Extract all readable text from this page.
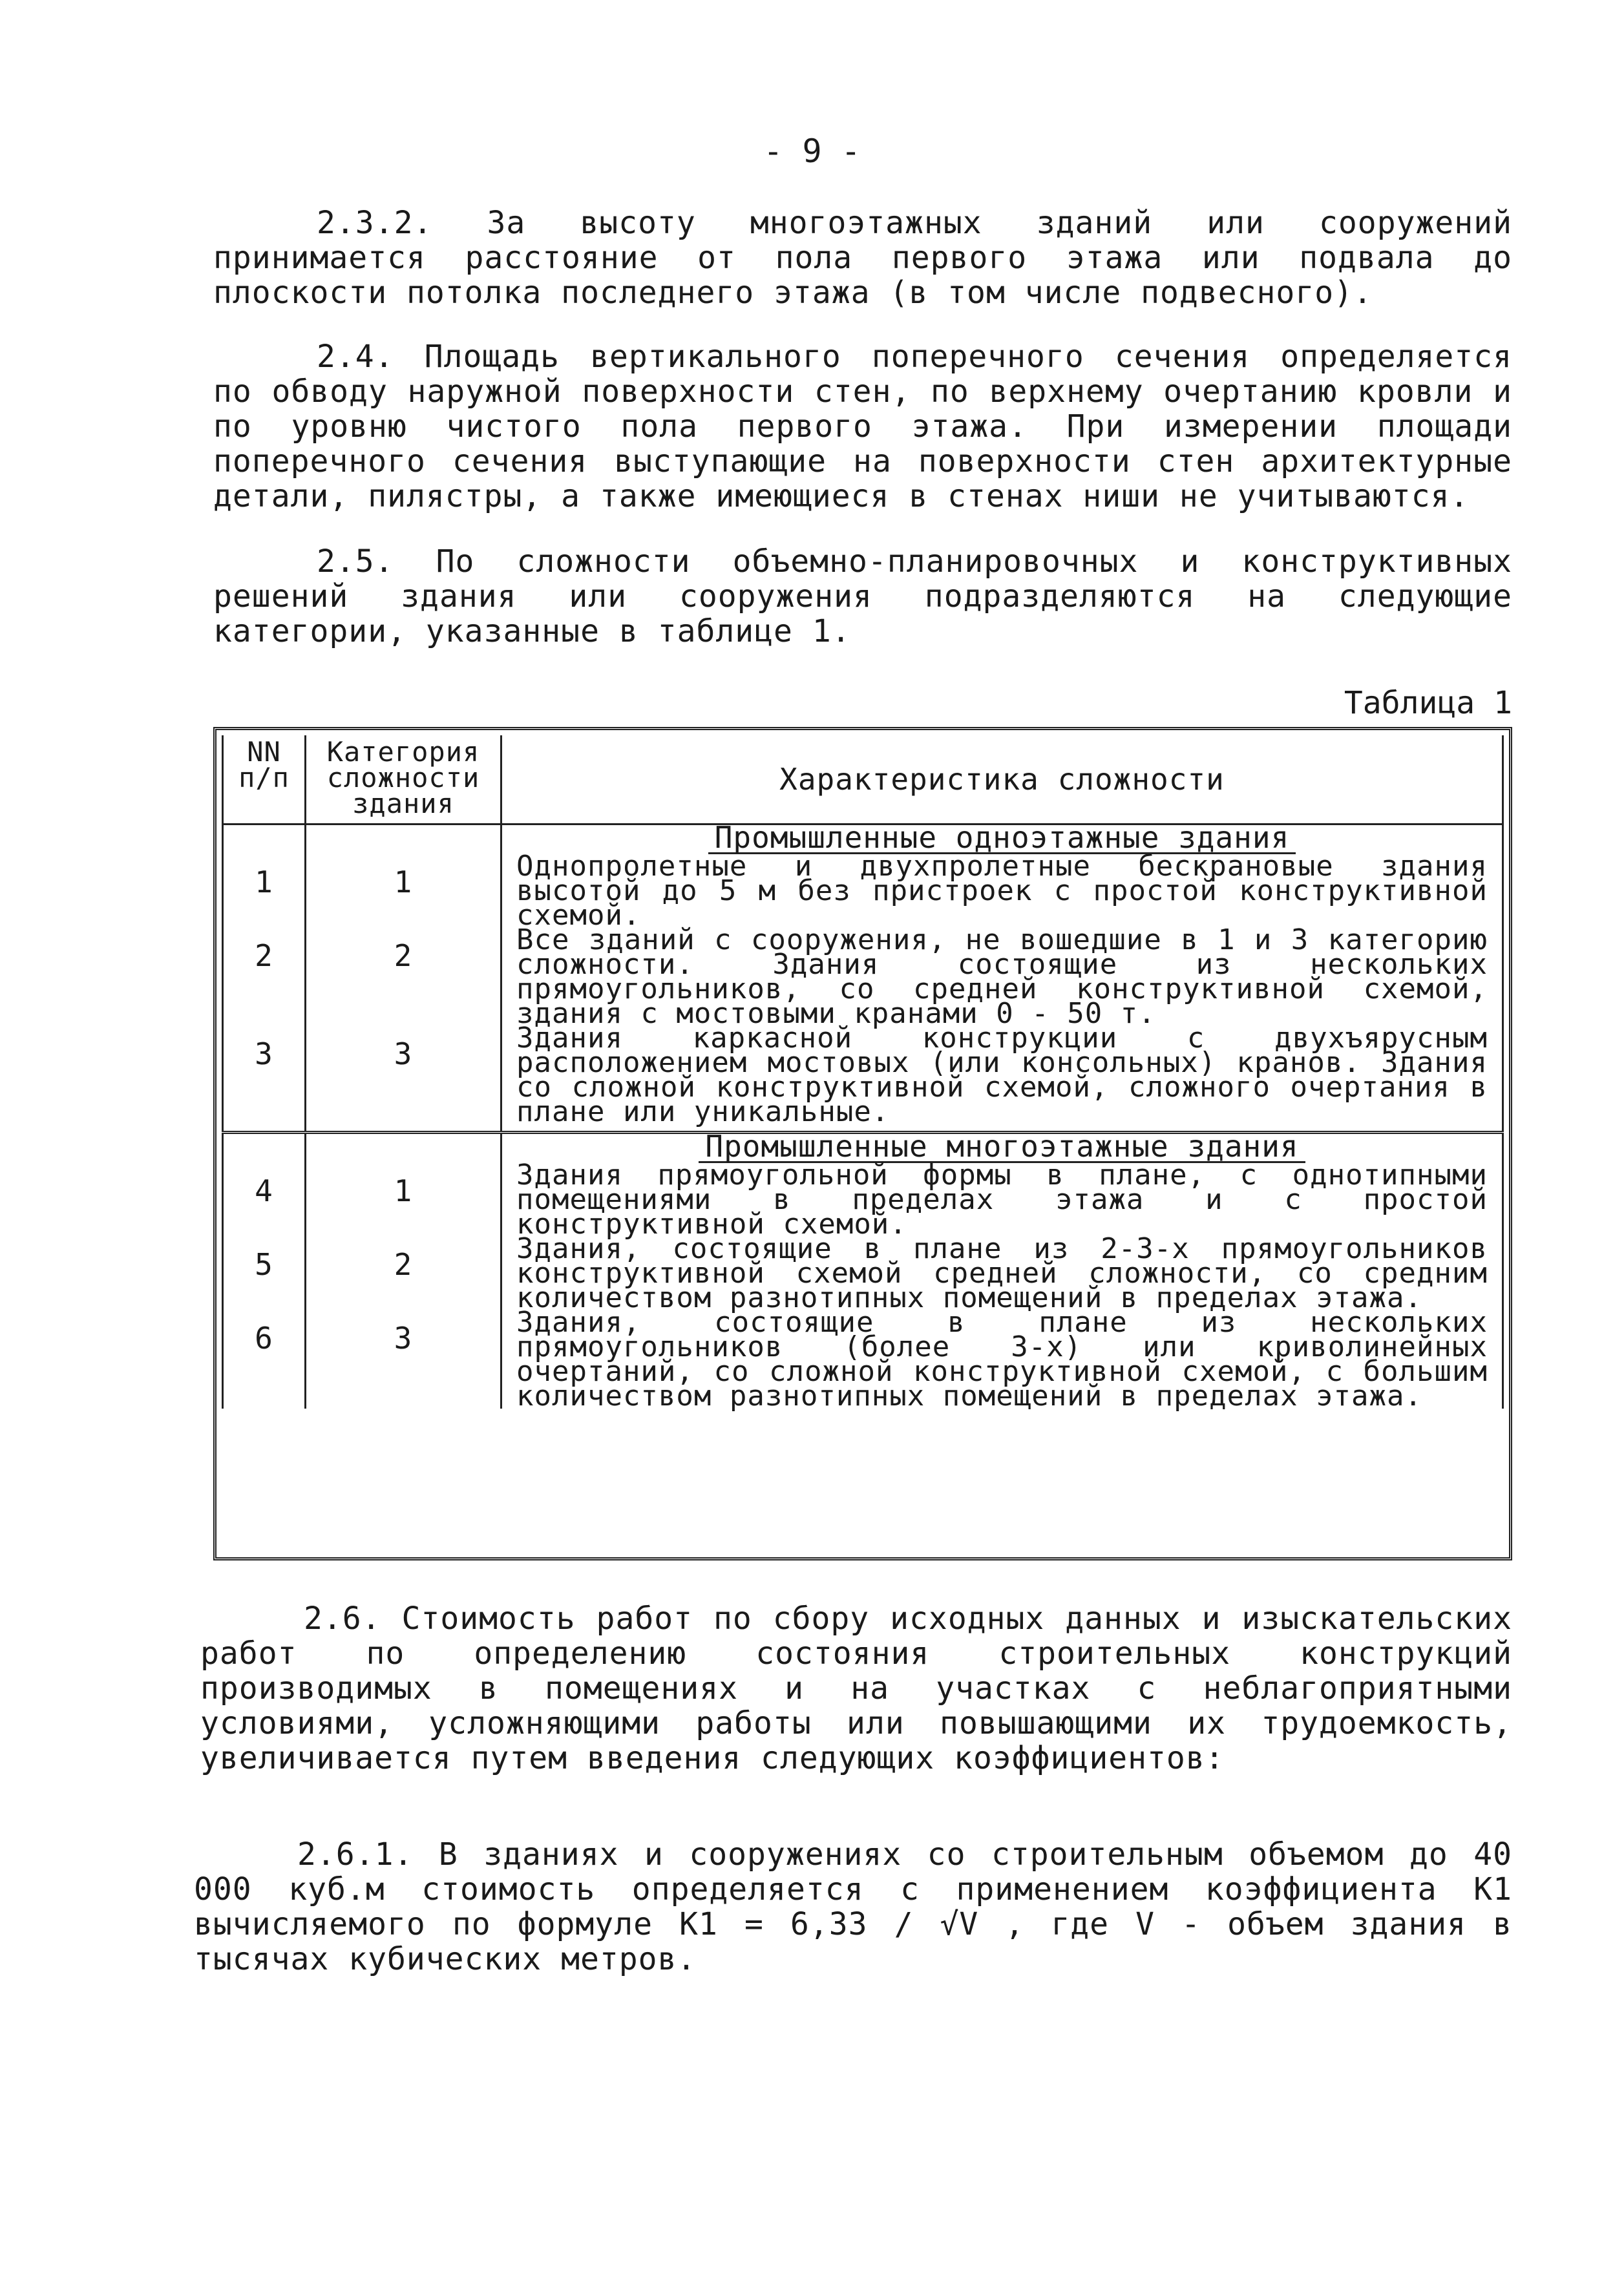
- 9 -

2.3.2. За высоту многоэтажных зданий или сооружений принимается расстояние от пола первого этажа или подвала до плоскости потолка последнего этажа (в том числе подвесного).

2.4. Площадь вертикального поперечного сечения определяется по обводу наружной поверхности стен, по верхнему очертанию кровли и по уровню чистого пола первого этажа. При измерении площади поперечного сечения выступающие на поверхности стен архитектурные детали, пилястры, а также имеющиеся в стенах ниши не учитываются.

2.5. По сложности объемно-планировочных и конструктивных решений здания или сооружения подразделяются на следующие категории, указанные в таблице 1.

Таблица 1
NN п/п	Категория сложности здания	Характеристика сложности
		Промышленные одноэтажные здания
1	1	Однопролетные и двухпролетные бескрановые здания высотой до 5 м без пристроек с простой конструктивной схемой.
2	2	Все зданий с сооружения, не вошедшие в 1 и 3 категорию сложности. Здания состоящие из нескольких прямоугольников, со средней конструктивной схемой, здания с мостовыми кранами 0 - 50 т.
3	3	Здания каркасной конструкции с двухъярусным расположением мостовых (или консольных) кранов. Здания со сложной конструктивной схемой, сложного очертания в плане или уникальные.

		Промышленные многоэтажные здания
4	1	Здания прямоугольной формы в плане, с однотипными помещениями в пределах этажа и с простой конструктивной схемой.
5	2	Здания, состоящие в плане из 2-3-х прямоугольников конструктивной схемой средней сложности, со средним количеством разнотипных помещений в пределах этажа.
6	3	Здания, состоящие в плане из нескольких прямоугольников (более 3-х) или криволинейных очертаний, со сложной конструктивной схемой, с большим количеством разнотипных помещений в пределах этажа.

2.6. Стоимость работ по сбору исходных данных и изыскательских работ по определению состояния строительных конструкций производимых в помещениях и на участках с неблагоприятными условиями, усложняющими работы или повышающими их трудоемкость, увеличивается путем введения следующих коэффициентов:

2.6.1. В зданиях и сооружениях со строительным объемом до 40 000 куб.м стоимость определяется с применением коэффициента К1 вычисляемого по формуле К1 = 6,33 / √V , где V - объем здания в тысячах кубических метров.
